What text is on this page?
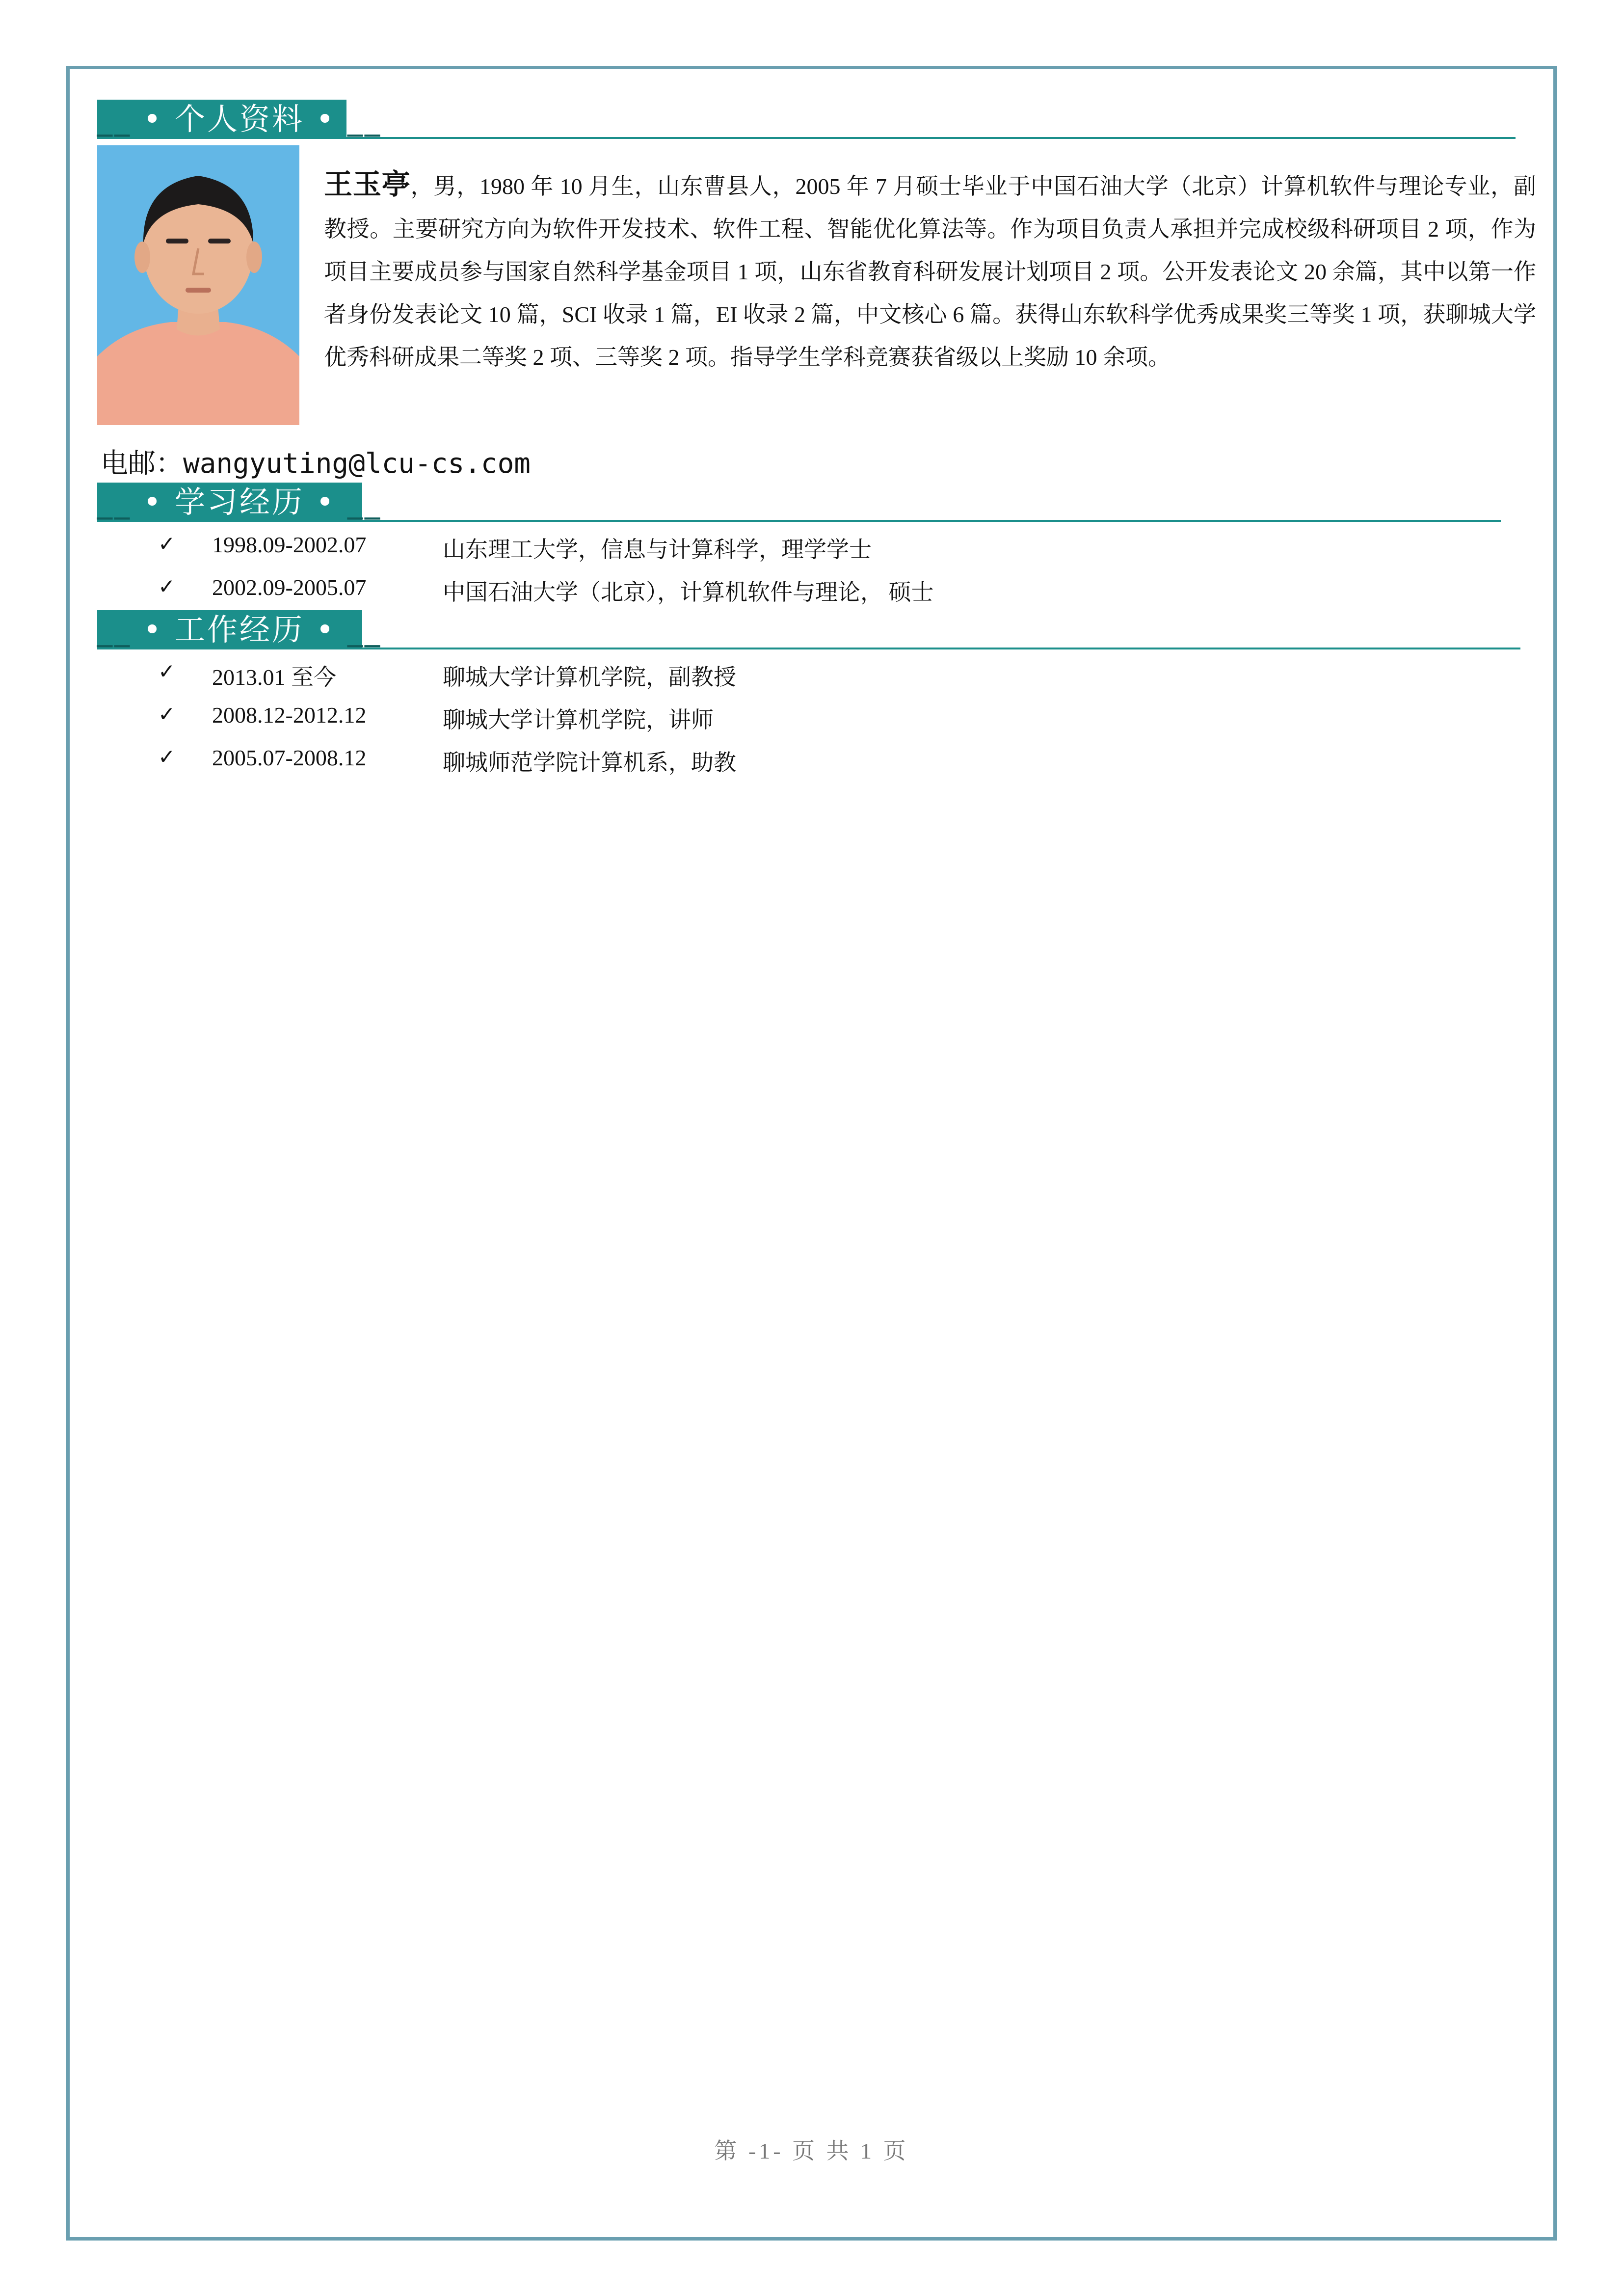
__ • 个人资料 • __
王玉亭，男，1980 年 10 月生，山东曹县人，2005 年 7 月硕士毕业于中国石油大学（北京）计算机软件与理论专业，副教授。主要研究方向为软件开发技术、软件工程、智能优化算法等。作为项目负责人承担并完成校级科研项目 2 项，作为项目主要成员参与国家自然科学基金项目 1 项，山东省教育科研发展计划项目 2 项。公开发表论文 20 余篇，其中以第一作者身份发表论文 10 篇，SCI 收录 1 篇，EI 收录 2 篇，中文核心 6 篇。获得山东软科学优秀成果奖三等奖 1 项，获聊城大学优秀科研成果二等奖 2 项、三等奖 2 项。指导学生学科竞赛获省级以上奖励 10 余项。
电邮：wangyuting@lcu-cs.com
__ • 学习经历 • __
✓ 1998.09-2002.07	山东理工大学，信息与计算科学，理学学士
✓ 2002.09-2005.07	中国石油大学（北京），计算机软件与理论， 硕士
__ • 工作经历 • __
✓ 2013.01 至今	聊城大学计算机学院，副教授
✓ 2008.12-2012.12	聊城大学计算机学院，讲师
✓ 2005.07-2008.12	聊城师范学院计算机系，助教
第 -1- 页 共 1 页
